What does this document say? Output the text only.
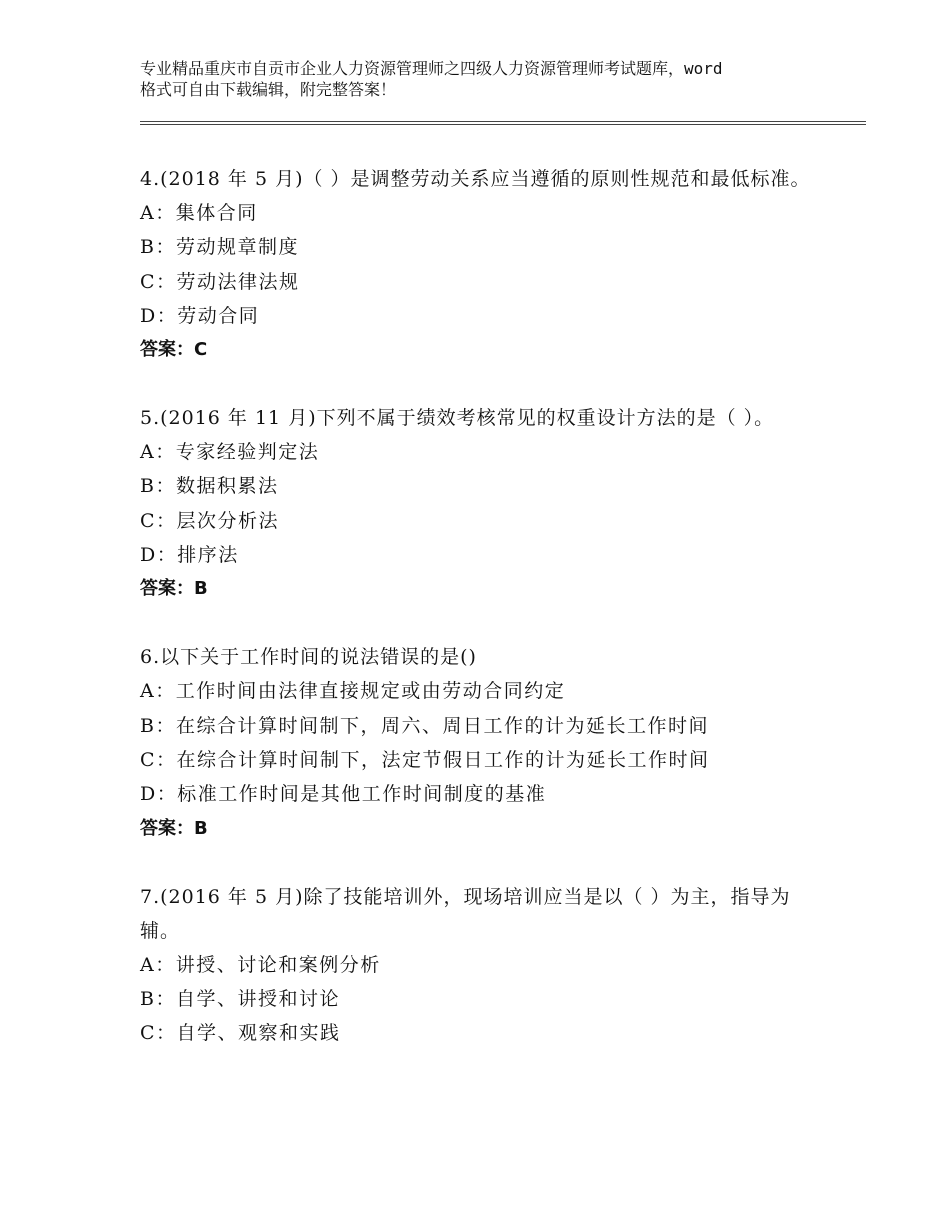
专业精品重庆市自贡市企业人力资源管理师之四级人力资源管理师考试题库，word
格式可自由下载编辑，附完整答案！
4.(2018 年 5 月)（ ）是调整劳动关系应当遵循的原则性规范和最低标准。
A：集体合同
B：劳动规章制度
C：劳动法律法规
D：劳动合同
答案：C
5.(2016 年 11 月)下列不属于绩效考核常见的权重设计方法的是（ ）。
A：专家经验判定法
B：数据积累法
C：层次分析法
D：排序法
答案：B
6.以下关于工作时间的说法错误的是()
A：工作时间由法律直接规定或由劳动合同约定
B：在综合计算时间制下，周六、周日工作的计为延长工作时间
C：在综合计算时间制下，法定节假日工作的计为延长工作时间
D：标准工作时间是其他工作时间制度的基准
答案：B
7.(2016 年 5 月)除了技能培训外，现场培训应当是以（ ）为主，指导为辅。
A：讲授、讨论和案例分析
B：自学、讲授和讨论
C：自学、观察和实践
